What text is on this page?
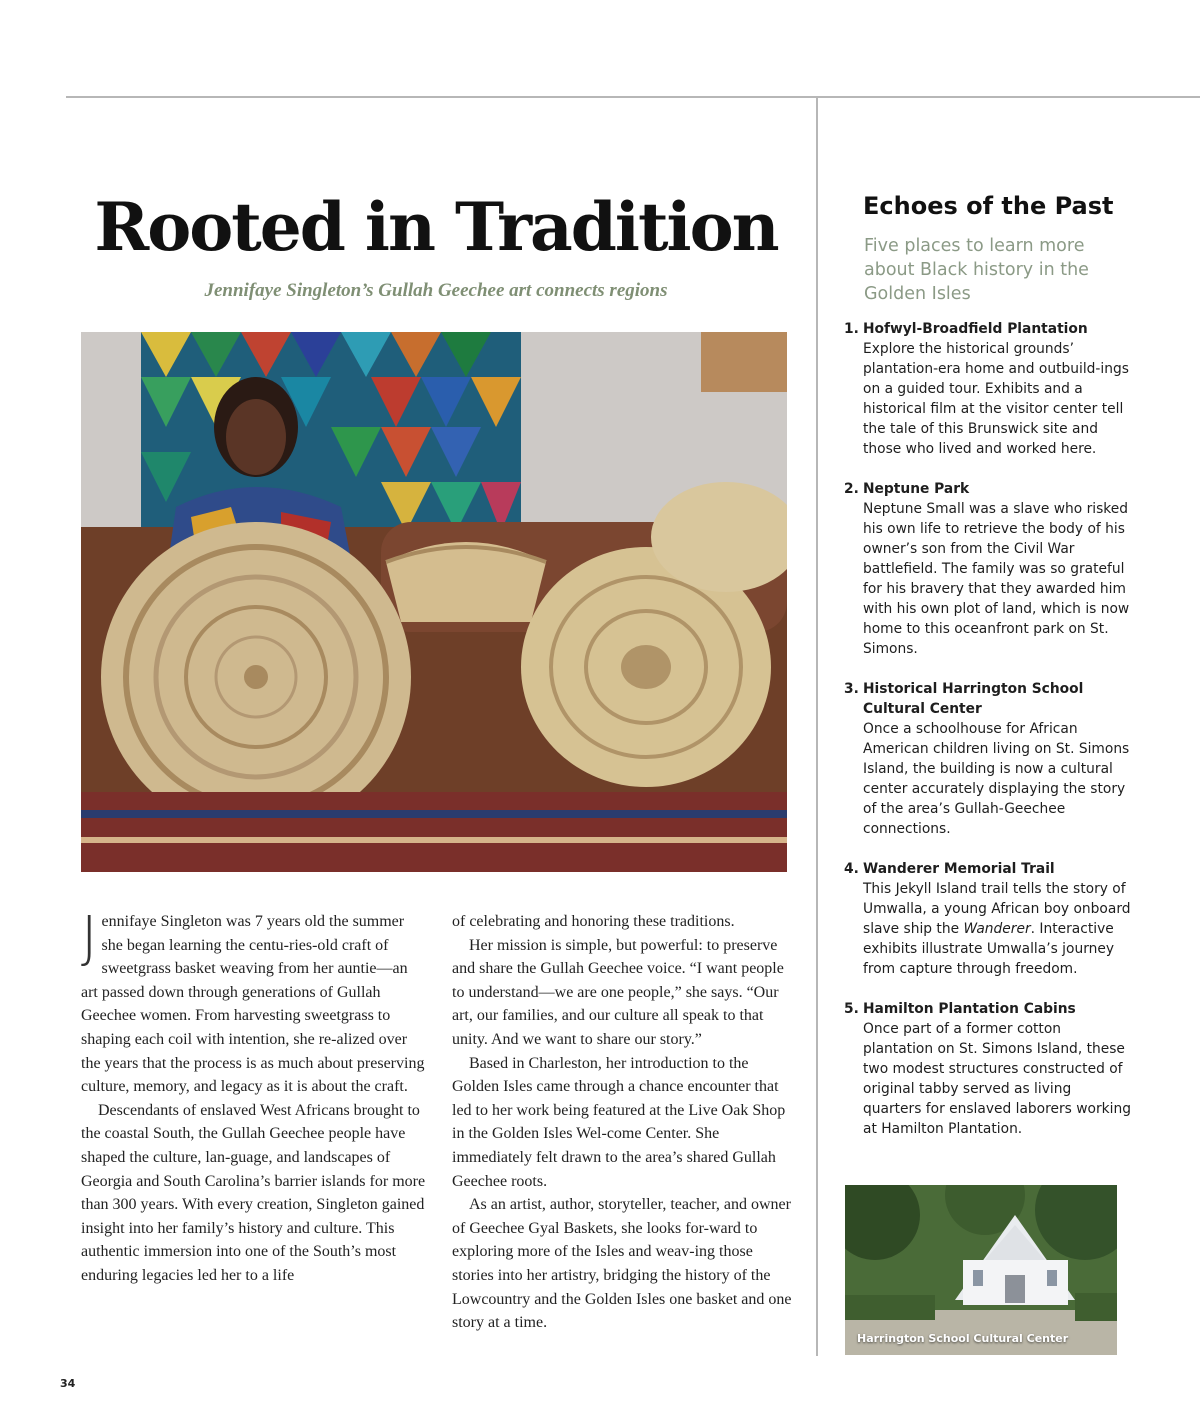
Rooted in Tradition
Jennifaye Singleton’s Gullah Geechee art connects regions

Jennifaye Singleton was 7 years old the summer she began learning the centu-ries-old craft of sweetgrass basket weaving from her auntie—an art passed down through generations of Gullah Geechee women. From harvesting sweetgrass to shaping each coil with intention, she re-alized over the years that the process is as much about preserving culture, memory, and legacy as it is about the craft.

Descendants of enslaved West Africans brought to the coastal South, the Gullah Geechee people have shaped the culture, lan-guage, and landscapes of Georgia and South Carolina’s barrier islands for more than 300 years. With every creation, Singleton gained insight into her family’s history and culture. This authentic immersion into one of the South’s most enduring legacies led her to a life

of celebrating and honoring these traditions.

Her mission is simple, but powerful: to preserve and share the Gullah Geechee voice. “I want people to understand—we are one people,” she says. “Our art, our families, and our culture all speak to that unity. And we want to share our story.”

Based in Charleston, her introduction to the Golden Isles came through a chance encounter that led to her work being featured at the Live Oak Shop in the Golden Isles Wel-come Center. She immediately felt drawn to the area’s shared Gullah Geechee roots.

As an artist, author, storyteller, teacher, and owner of Geechee Gyal Baskets, she looks for-ward to exploring more of the Isles and weav-ing those stories into her artistry, bridging the history of the Lowcountry and the Golden Isles one basket and one story at a time.

Echoes of the Past
Five places to learn more about Black history in the Golden Isles
1. Hofwyl-Broadfield Plantation
Explore the historical grounds’ plantation-era home and outbuild-ings on a guided tour. Exhibits and a historical film at the visitor center tell the tale of this Brunswick site and those who lived and worked here.
2. Neptune Park
Neptune Small was a slave who risked his own life to retrieve the body of his owner’s son from the Civil War battlefield. The family was so grateful for his bravery that they awarded him with his own plot of land, which is now home to this oceanfront park on St. Simons.
3. Historical Harrington School Cultural Center
Once a schoolhouse for African American children living on St. Simons Island, the building is now a cultural center accurately displaying the story of the area’s Gullah-Geechee connections.
4. Wanderer Memorial Trail
This Jekyll Island trail tells the story of Umwalla, a young African boy onboard slave ship the Wanderer. Interactive exhibits illustrate Umwalla’s journey from capture through freedom.
5. Hamilton Plantation Cabins
Once part of a former cotton plantation on St. Simons Island, these two modest structures constructed of original tabby served as living quarters for enslaved laborers working at Hamilton Plantation.
Harrington School Cultural Center
34
